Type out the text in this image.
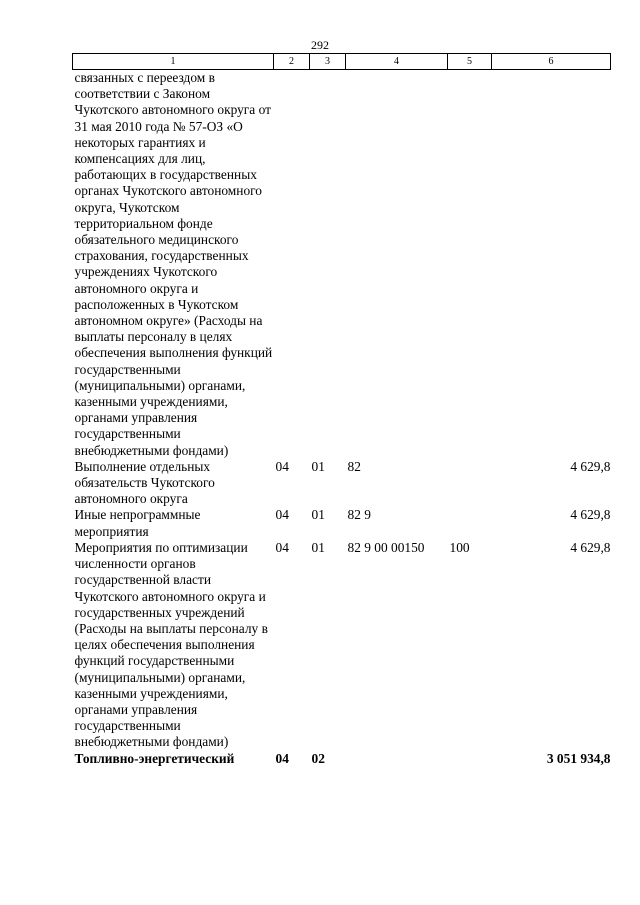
292
1	2	3	4	5	6
связанных с переездом в соответствии с Законом Чукотского автономного округа от 31 мая 2010 года № 57-ОЗ «О некоторых гарантиях и компенсациях для лиц, работающих в государственных органах Чукотского автономного округа, Чукотском территориальном фонде обязательного медицинского страхования, государственных учреждениях Чукотского автономного округа и расположенных в Чукотском автономном округе» (Расходы на выплаты персоналу в целях обеспечения выполнения функций государственными (муниципальными) органами, казенными учреждениями, органами управления государственными внебюджетными фондами)					
Выполнение отдельных обязательств Чукотского автономного округа	04	01	82		4 629,8
Иные непрограммные мероприятия	04	01	82 9		4 629,8
Мероприятия по оптимизации численности органов государственной власти Чукотского автономного округа и государственных учреждений (Расходы на выплаты персоналу в целях обеспечения выполнения функций государственными (муниципальными) органами, казенными учреждениями, органами управления государственными внебюджетными фондами)	04	01	82 9 00 00150	100	4 629,8
Топливно-энергетический	04	02			3 051 934,8
